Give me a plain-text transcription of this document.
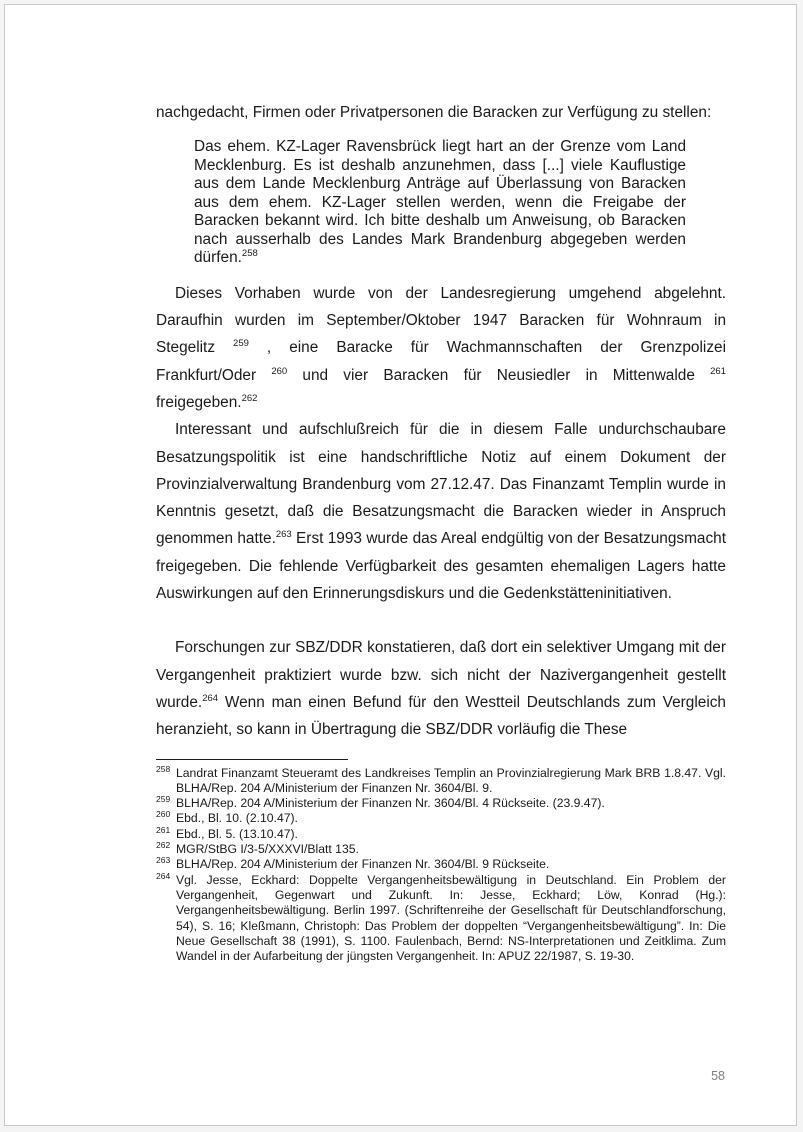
nachgedacht, Firmen oder Privatpersonen die Baracken zur Verfügung zu stellen:

Das ehem. KZ-Lager Ravensbrück liegt hart an der Grenze vom Land Mecklenburg. Es ist deshalb anzunehmen, dass [...] viele Kauflustige aus dem Lande Mecklenburg Anträge auf Überlassung von Baracken aus dem ehem. KZ-Lager stellen werden, wenn die Freigabe der Baracken bekannt wird. Ich bitte deshalb um Anweisung, ob Baracken nach ausserhalb des Landes Mark Brandenburg abgegeben werden dürfen.$^{258}$

Dieses Vorhaben wurde von der Landesregierung umgehend abgelehnt. Daraufhin wurden im September/Oktober 1947 Baracken für Wohnraum in Stegelitz $^{259}$ , eine Baracke für Wachmannschaften der Grenzpolizei Frankfurt/Oder $^{260}$ und vier Baracken für Neusiedler in Mittenwalde $^{261}$ freigegeben.$^{262}$

Interessant und aufschlußreich für die in diesem Falle undurchschaubare Besatzungspolitik ist eine handschriftliche Notiz auf einem Dokument der Provinzialverwaltung Brandenburg vom 27.12.47. Das Finanzamt Templin wurde in Kenntnis gesetzt, daß die Besatzungsmacht die Baracken wieder in Anspruch genommen hatte.$^{263}$ Erst 1993 wurde das Areal endgültig von der Besatzungsmacht freigegeben. Die fehlende Verfügbarkeit des gesamten ehemaligen Lagers hatte Auswirkungen auf den Erinnerungsdiskurs und die Gedenkstätteninitiativen.

Forschungen zur SBZ/DDR konstatieren, daß dort ein selektiver Umgang mit der Vergangenheit praktiziert wurde bzw. sich nicht der Nazivergangenheit gestellt wurde.$^{264}$ Wenn man einen Befund für den Westteil Deutschlands zum Vergleich heranzieht, so kann in Übertragung die SBZ/DDR vorläufig die These

$^{258}$ Landrat Finanzamt Steueramt des Landkreises Templin an Provinzialregierung Mark BRB 1.8.47. Vgl. BLHA/Rep. 204 A/Ministerium der Finanzen Nr. 3604/Bl. 9.
$^{259}$ BLHA/Rep. 204 A/Ministerium der Finanzen Nr. 3604/Bl. 4 Rückseite. (23.9.47).
$^{260}$ Ebd., Bl. 10. (2.10.47).
$^{261}$ Ebd., Bl. 5. (13.10.47).
$^{262}$ MGR/StBG I/3-5/XXXVI/Blatt 135.
$^{263}$ BLHA/Rep. 204 A/Ministerium der Finanzen Nr. 3604/Bl. 9 Rückseite.
$^{264}$ Vgl. Jesse, Eckhard: Doppelte Vergangenheitsbewältigung in Deutschland. Ein Problem der Vergangenheit, Gegenwart und Zukunft. In: Jesse, Eckhard; Löw, Konrad (Hg.): Vergangenheitsbewältigung. Berlin 1997. (Schriftenreihe der Gesellschaft für Deutschlandforschung, 54), S. 16; Kleßmann, Christoph: Das Problem der doppelten “Vergangenheitsbewältigung”. In: Die Neue Gesellschaft 38 (1991), S. 1100. Faulenbach, Bernd: NS-Interpretationen und Zeitklima. Zum Wandel in der Aufarbeitung der jüngsten Vergangenheit. In: APUZ 22/1987, S. 19-30.
58
